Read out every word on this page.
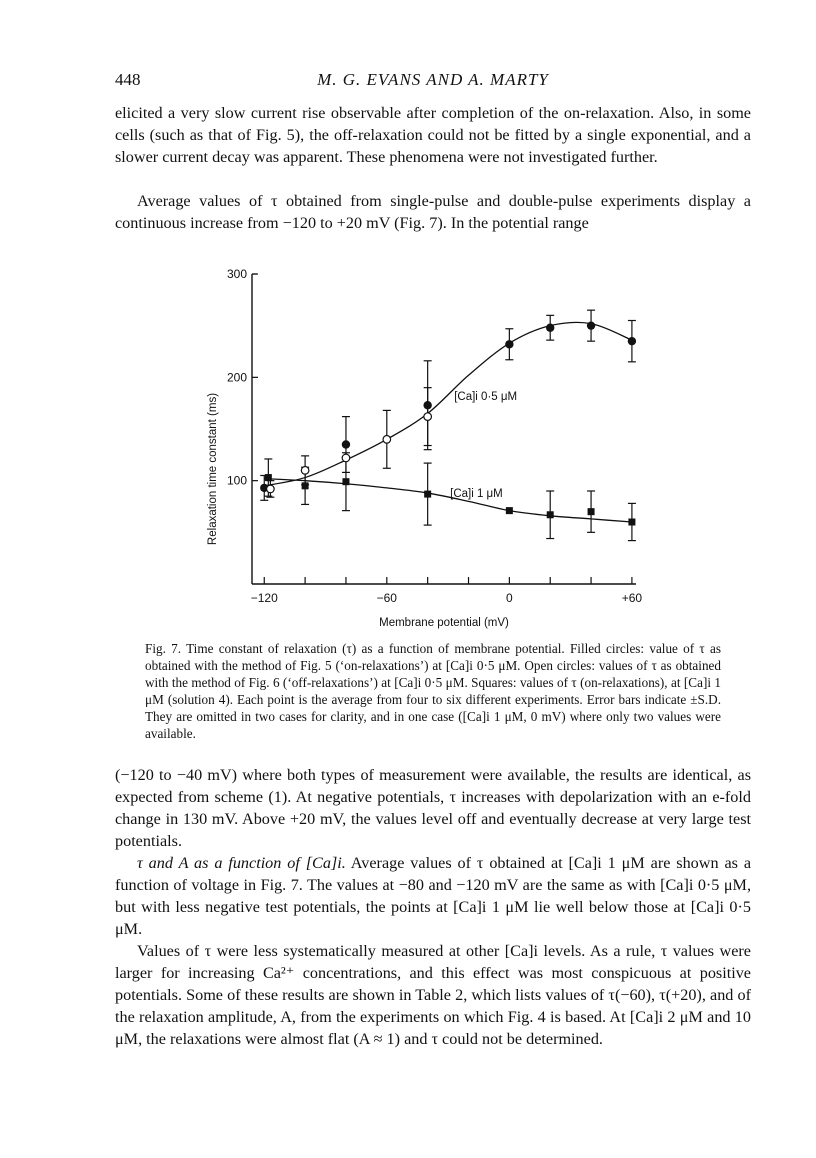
448	M. G. EVANS AND A. MARTY

elicited a very slow current rise observable after completion of the on-relaxation. Also, in some cells (such as that of Fig. 5), the off-relaxation could not be fitted by a single exponential, and a slower current decay was apparent. These phenomena were not investigated further.

Average values of τ obtained from single-pulse and double-pulse experiments display a continuous increase from −120 to +20 mV (Fig. 7). In the potential range

100
200
300
−120	−60	0	+60
Membrane potential (mV)
Relaxation time constant (ms)	[Ca]i 0·5 μM
[Ca]i 1 μM

Fig. 7. Time constant of relaxation (τ) as a function of membrane potential. Filled circles: value of τ as obtained with the method of Fig. 5 (‘on-relaxations’) at [Ca]i 0·5 μM. Open circles: values of τ as obtained with the method of Fig. 6 (‘off-relaxations’) at [Ca]i 0·5 μM. Squares: values of τ (on-relaxations), at [Ca]i 1 μM (solution 4). Each point is the average from four to six different experiments. Error bars indicate ±S.D. They are omitted in two cases for clarity, and in one case ([Ca]i 1 μM, 0 mV) where only two values were available.

(−120 to −40 mV) where both types of measurement were available, the results are identical, as expected from scheme (1). At negative potentials, τ increases with depolarization with an e-fold change in 130 mV. Above +20 mV, the values level off and eventually decrease at very large test potentials.

τ and A as a function of [Ca]i. Average values of τ obtained at [Ca]i 1 μM are shown as a function of voltage in Fig. 7. The values at −80 and −120 mV are the same as with [Ca]i 0·5 μM, but with less negative test potentials, the points at [Ca]i 1 μM lie well below those at [Ca]i 0·5 μM.

Values of τ were less systematically measured at other [Ca]i levels. As a rule, τ values were larger for increasing Ca²⁺ concentrations, and this effect was most conspicuous at positive potentials. Some of these results are shown in Table 2, which lists values of τ(−60), τ(+20), and of the relaxation amplitude, A, from the experiments on which Fig. 4 is based. At [Ca]i 2 μM and 10 μM, the relaxations were almost flat (A ≈ 1) and τ could not be determined.
